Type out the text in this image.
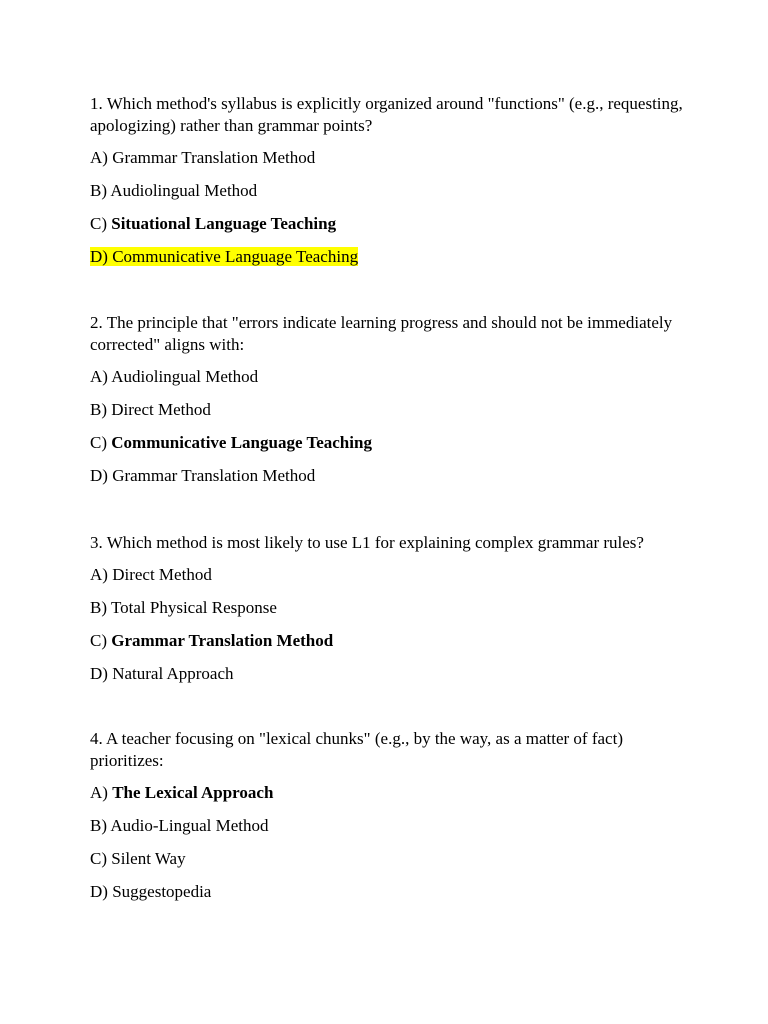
1. Which method's syllabus is explicitly organized around "functions" (e.g., requesting, apologizing) rather than grammar points?

A) Grammar Translation Method

B) Audiolingual Method

C) Situational Language Teaching

D) Communicative Language Teaching

2. The principle that "errors indicate learning progress and should not be immediately corrected" aligns with:

A) Audiolingual Method

B) Direct Method

C) Communicative Language Teaching

D) Grammar Translation Method

3. Which method is most likely to use L1 for explaining complex grammar rules?

A) Direct Method

B) Total Physical Response

C) Grammar Translation Method

D) Natural Approach

4. A teacher focusing on "lexical chunks" (e.g., by the way, as a matter of fact) prioritizes:

A) The Lexical Approach

B) Audio-Lingual Method

C) Silent Way

D) Suggestopedia
